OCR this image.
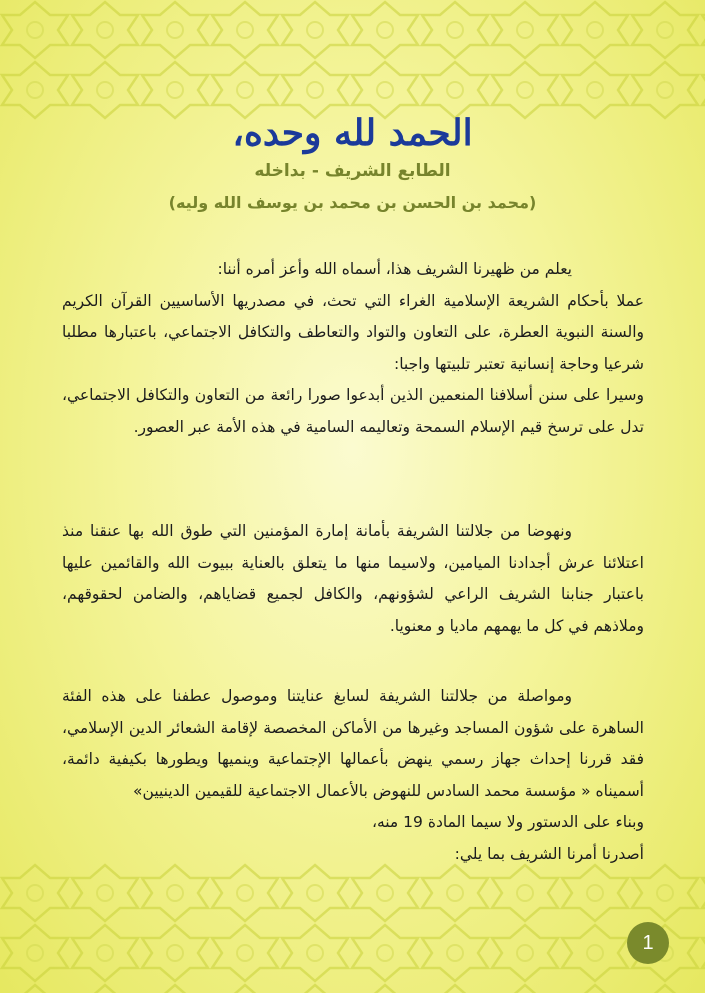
الحمد لله وحده،
الطابع الشريف - بداخله
(محمد بن الحسن بن محمد بن يوسف الله وليه)

يعلم من ظهيرنا الشريف هذا، أسماه الله وأعز أمره أننا:

عملا بأحكام الشريعة الإسلامية الغراء التي تحث، في مصدريها الأساسيين القرآن الكريم والسنة النبوية العطرة، على التعاون والتواد والتعاطف والتكافل الاجتماعي، باعتبارها مطلبا شرعيا وحاجة إنسانية تعتبر تلبيتها واجبا:

وسيرا على سنن أسلافنا المنعمين الذين أبدعوا صورا رائعة من التعاون والتكافل الاجتماعي، تدل على ترسخ قيم الإسلام السمحة وتعاليمه السامية في هذه الأمة عبر العصور.

ونهوضا من جلالتنا الشريفة بأمانة إمارة المؤمنين التي طوق الله بها عنقنا منذ اعتلائنا عرش أجدادنا الميامين، ولاسيما منها ما يتعلق بالعناية ببيوت الله والقائمين عليها باعتبار جنابنا الشريف الراعي لشؤونهم، والكافل لجميع قضاياهم، والضامن لحقوقهم، وملاذهم في كل ما يهمهم ماديا و معنويا.

ومواصلة من جلالتنا الشريفة لسابغ عنايتنا وموصول عطفنا على هذه الفئة الساهرة على شؤون المساجد وغيرها من الأماكن المخصصة لإقامة الشعائر الدين الإسلامي، فقد قررنا إحداث جهاز رسمي ينهض بأعمالها الإجتماعية وينميها ويطورها بكيفية دائمة، أسميناه « مؤسسة محمد السادس للنهوض بالأعمال الاجتماعية للقيمين الدينيين»

وبناء على الدستور ولا سيما المادة 19 منه،

أصدرنا أمرنا الشريف بما يلي:

1
